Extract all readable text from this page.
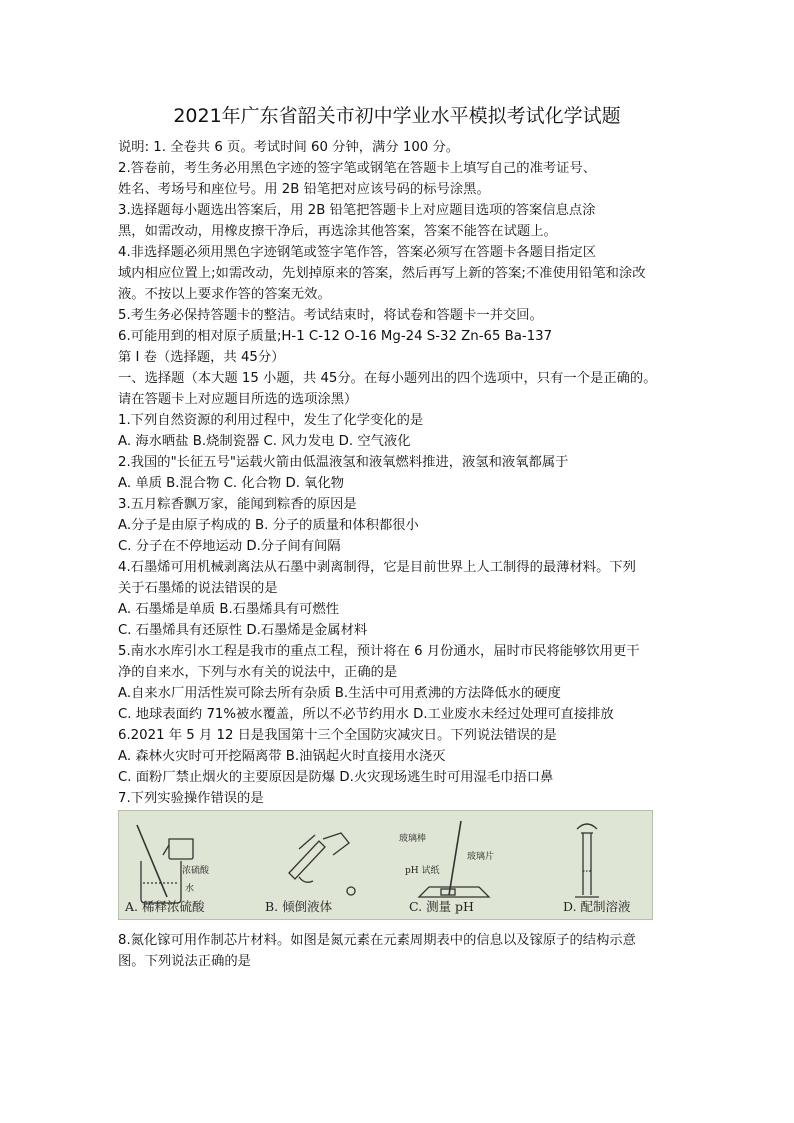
2021年广东省韶关市初中学业水平模拟考试化学试题

说明: 1. 全卷共 6 页。考试时间 60 分钟，满分 100 分。

2.答卷前，考生务必用黑色字迹的签字笔或钢笔在答题卡上填写自己的准考证号、

姓名、考场号和座位号。用 2B 铅笔把对应该号码的标号涂黑。

3.选择题每小题选出答案后，用 2B 铅笔把答题卡上对应题目选项的答案信息点涂

黑，如需改动，用橡皮擦干净后，再选涂其他答案，答案不能答在试题上。

4.非选择题必须用黑色字迹钢笔或签字笔作答，答案必须写在答题卡各题目指定区

域内相应位置上;如需改动，先划掉原来的答案，然后再写上新的答案;不准使用铅笔和涂改

液。不按以上要求作答的答案无效。

5.考生务必保持答题卡的整洁。考试结束时，将试卷和答题卡一并交回。

6.可能用到的相对原子质量;H-1 C-12 O-16 Mg-24 S-32 Zn-65 Ba-137

第 I 卷（选择题，共 45分）

一、选择题（本大题 15 小题，共 45分。在每小题列出的四个选项中，只有一个是正确的。

请在答题卡上对应题目所选的选项涂黑）

1.下列自然资源的利用过程中，发生了化学变化的是

A. 海水晒盐 B.烧制瓷器 C. 风力发电 D. 空气液化

2.我国的"长征五号"运载火箭由低温液氢和液氧燃料推进，液氢和液氧都属于

A. 单质 B.混合物 C. 化合物 D. 氧化物

3.五月粽香飘万家，能闻到粽香的原因是

A.分子是由原子构成的 B. 分子的质量和体积都很小

C. 分子在不停地运动 D.分子间有间隔

4.石墨烯可用机械剥离法从石墨中剥离制得，它是目前世界上人工制得的最薄材料。下列

关于石墨烯的说法错误的是

A. 石墨烯是单质 B.石墨烯具有可燃性

C. 石墨烯具有还原性 D.石墨烯是金属材料

5.南水水库引水工程是我市的重点工程，预计将在 6 月份通水，届时市民将能够饮用更干

净的自来水，下列与水有关的说法中，正确的是

A.自来水厂用活性炭可除去所有杂质 B.生活中可用煮沸的方法降低水的硬度

C. 地球表面约 71%被水覆盖，所以不必节约用水 D.工业废水未经过处理可直接排放

6.2021 年 5 月 12 日是我国第十三个全国防灾减灾日。下列说法错误的是

A. 森林火灾时可开挖隔离带 B.油锅起火时直接用水浇灭

C. 面粉厂禁止烟火的主要原因是防爆 D.火灾现场逃生时可用湿毛巾捂口鼻

7.下列实验操作错误的是

浓硫酸
水
玻璃棒
pH 试纸
玻璃片
A. 稀释浓硫酸	B. 倾倒液体	C. 测量 pH	D. 配制溶液

8.氮化镓可用作制芯片材料。如图是氮元素在元素周期表中的信息以及镓原子的结构示意

图。下列说法正确的是
